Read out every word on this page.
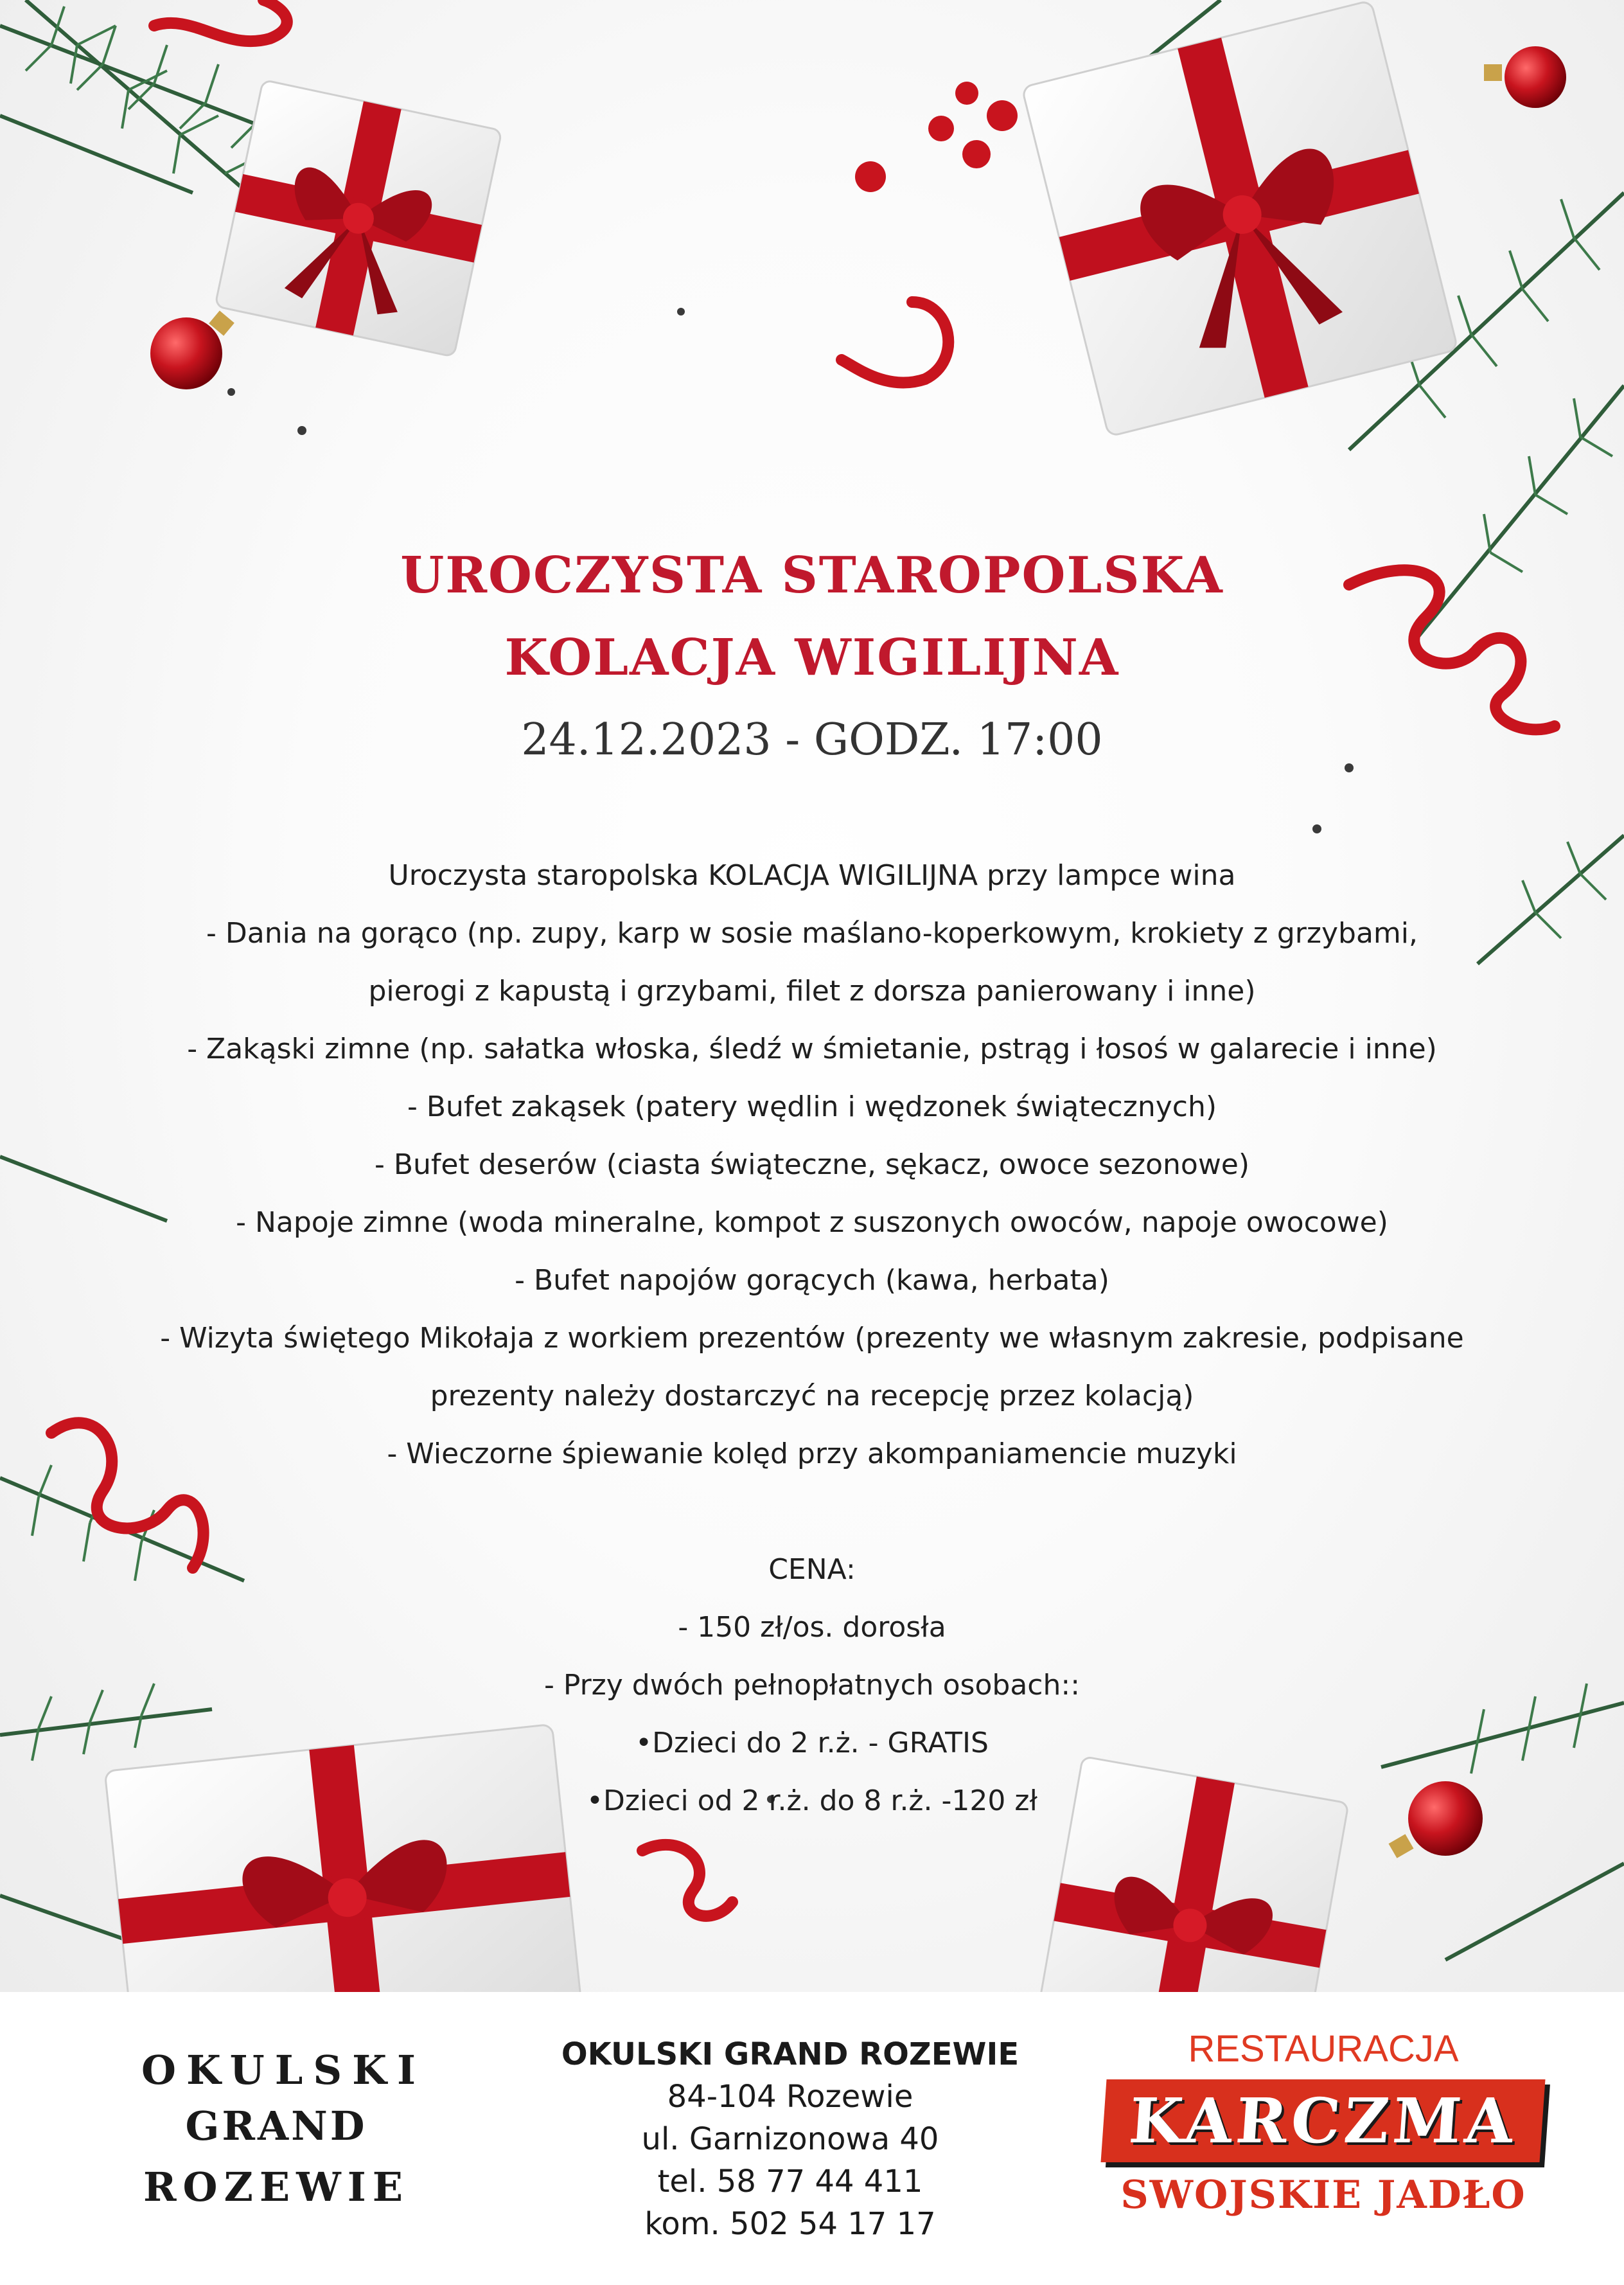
UROCZYSTA STAROPOLSKA
KOLACJA WIGILIJNA
24.12.2023 - GODZ. 17:00

Uroczysta staropolska KOLACJA WIGILIJNA przy lampce wina

- Dania na gorąco (np. zupy, karp w sosie maślano-koperkowym, krokiety z grzybami,

pierogi z kapustą i grzybami, filet z dorsza panierowany i inne)

- Zakąski zimne (np. sałatka włoska, śledź w śmietanie, pstrąg i łosoś w galarecie i inne)

- Bufet zakąsek (patery wędlin i wędzonek świątecznych)

- Bufet deserów (ciasta świąteczne, sękacz, owoce sezonowe)

- Napoje zimne (woda mineralne, kompot z suszonych owoców, napoje owocowe)

- Bufet napojów gorących (kawa, herbata)

- Wizyta świętego Mikołaja z workiem prezentów (prezenty we własnym zakresie, podpisane

prezenty należy dostarczyć na recepcję przez kolacją)

- Wieczorne śpiewanie kolęd przy akompaniamencie muzyki

CENA:

- 150 zł/os. dorosła

- Przy dwóch pełnopłatnych osobach::

•Dzieci do 2 r.ż. - GRATIS

•Dzieci od 2 r.ż. do 8 r.ż. -120 zł

OKULSKI
GRAND
ROZEWIE
OKULSKI GRAND ROZEWIE
84-104 Rozewie
ul. Garnizonowa 40
tel. 58 77 44 411
kom. 502 54 17 17
RESTAURACJA
KARCZMA
SWOJSKIE JADŁO
